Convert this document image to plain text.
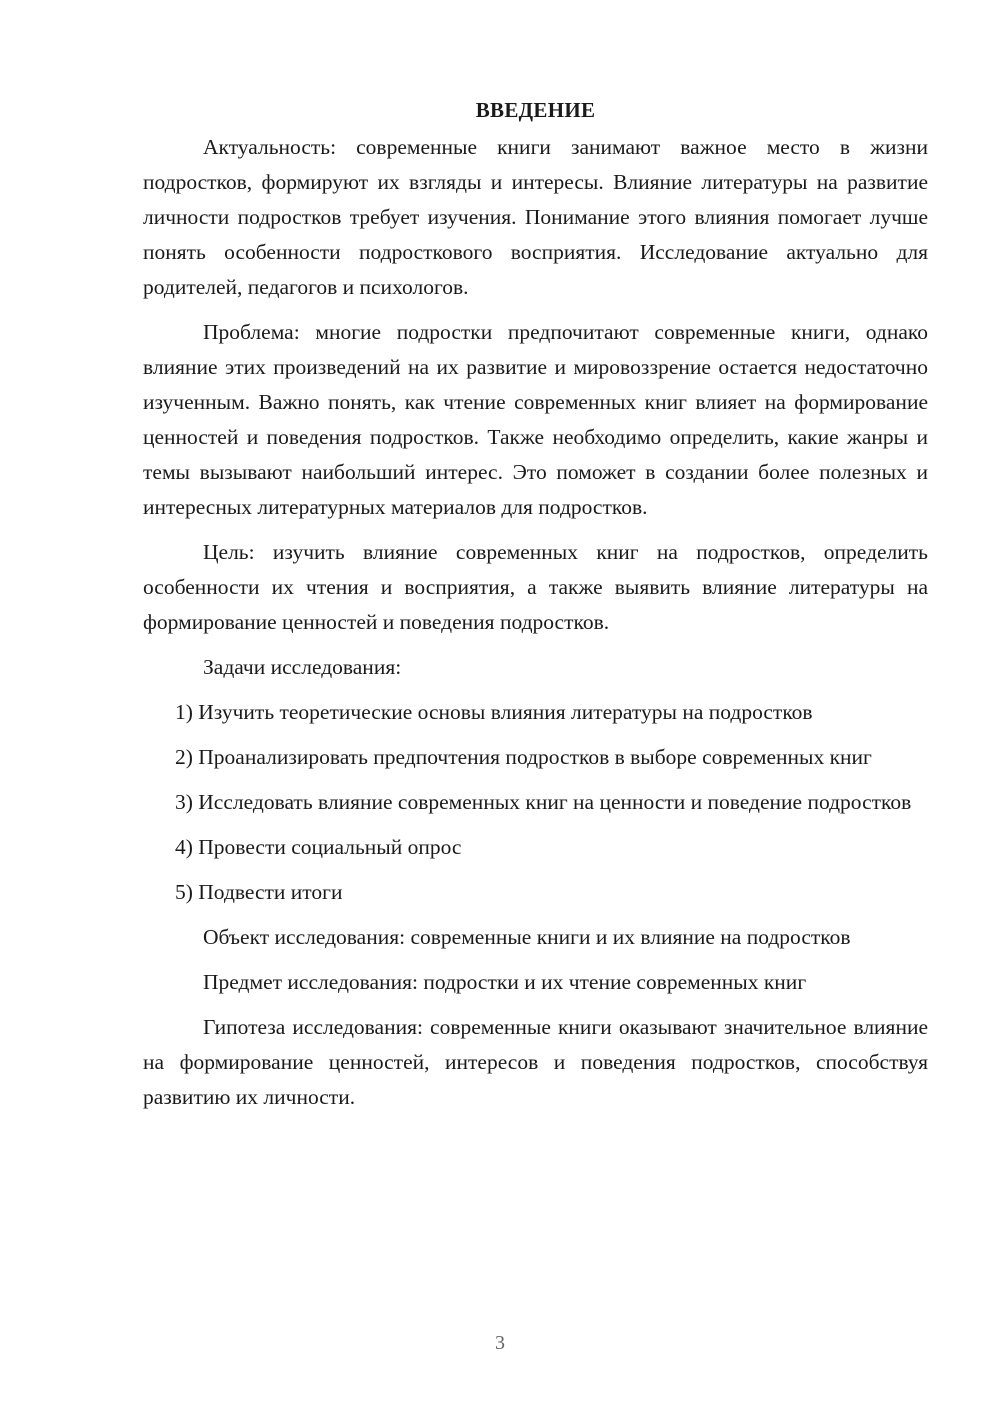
ВВЕДЕНИЕ

Актуальность: современные книги занимают важное место в жизни подростков, формируют их взгляды и интересы. Влияние литературы на развитие личности подростков требует изучения. Понимание этого влияния помогает лучше понять особенности подросткового восприятия. Исследование актуально для родителей, педагогов и психологов.

Проблема: многие подростки предпочитают современные книги, однако влияние этих произведений на их развитие и мировоззрение остается недостаточно изученным. Важно понять, как чтение современных книг влияет на формирование ценностей и поведения подростков. Также необходимо определить, какие жанры и темы вызывают наибольший интерес. Это поможет в создании более полезных и интересных литературных материалов для подростков.

Цель: изучить влияние современных книг на подростков, определить особенности их чтения и восприятия, а также выявить влияние литературы на формирование ценностей и поведения подростков.

Задачи исследования:

1) Изучить теоретические основы влияния литературы на подростков

2) Проанализировать предпочтения подростков в выборе современных книг

3) Исследовать влияние современных книг на ценности и поведение подростков

4) Провести социальный опрос

5) Подвести итоги

Объект исследования: современные книги и их влияние на подростков

Предмет исследования: подростки и их чтение современных книг

Гипотеза исследования: современные книги оказывают значительное влияние на формирование ценностей, интересов и поведения подростков, способствуя развитию их личности.

3
